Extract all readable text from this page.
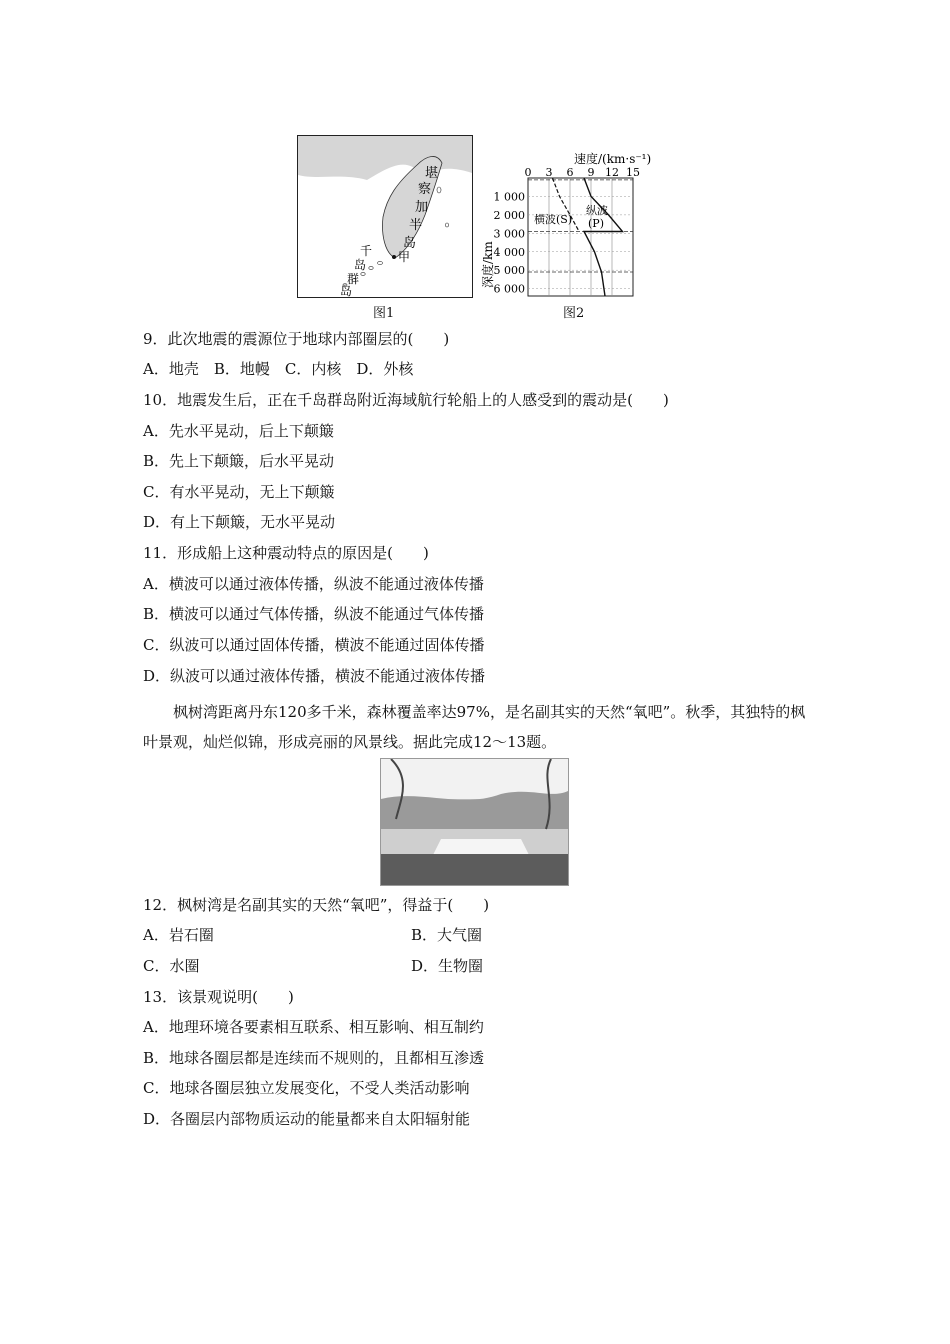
堪
察
加
半
岛
千
岛
群
岛
甲
图1
速度/(km·s⁻¹)
深度/km
0 3 6 9 12 15
1 000
2 000
3 000
4 000
5 000
6 000
横波(S)
纵波
(P)
图2
9．此次地震的震源位于地球内部圈层的(　　)
A．地壳　B．地幔　C．内核　D．外核
10．地震发生后，正在千岛群岛附近海域航行轮船上的人感受到的震动是(　　)
A．先水平晃动，后上下颠簸
B．先上下颠簸，后水平晃动
C．有水平晃动，无上下颠簸
D．有上下颠簸，无水平晃动
11．形成船上这种震动特点的原因是(　　)
A．横波可以通过液体传播，纵波不能通过液体传播
B．横波可以通过气体传播，纵波不能通过气体传播
C．纵波可以通过固体传播，横波不能通过固体传播
D．纵波可以通过液体传播，横波不能通过液体传播
枫树湾距离丹东120多千米，森林覆盖率达97%，是名副其实的天然“氧吧”。秋季，其独特的枫叶景观，灿烂似锦，形成亮丽的风景线。据此完成12～13题。
12．枫树湾是名副其实的天然“氧吧”，得益于(　　)
A．岩石圈	B．大气圈
C．水圈	D．生物圈
13．该景观说明(　　)
A．地理环境各要素相互联系、相互影响、相互制约
B．地球各圈层都是连续而不规则的，且都相互渗透
C．地球各圈层独立发展变化，不受人类活动影响
D．各圈层内部物质运动的能量都来自太阳辐射能
